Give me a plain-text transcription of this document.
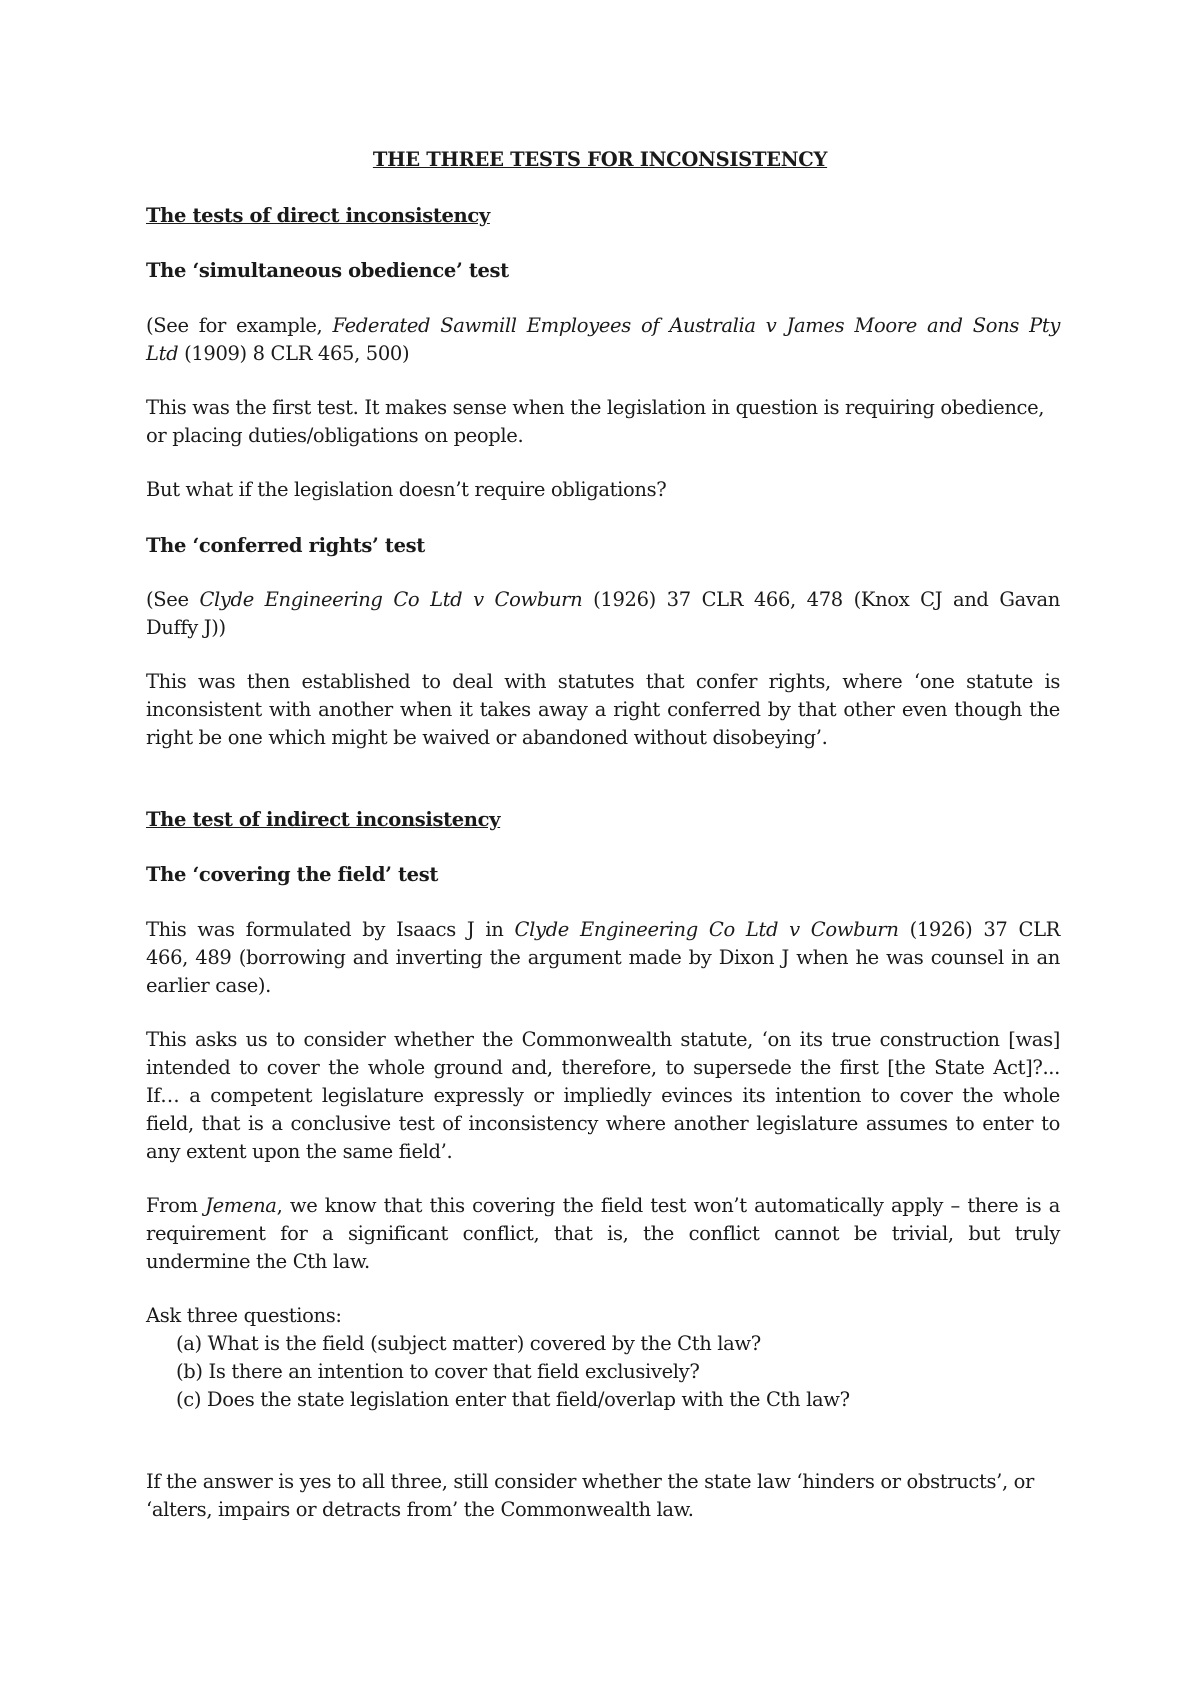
THE THREE TESTS FOR INCONSISTENCY

The tests of direct inconsistency

The ‘simultaneous obedience’ test

(See for example, Federated Sawmill Employees of Australia v James Moore and Sons Pty

Ltd (1909) 8 CLR 465, 500)

This was the first test. It makes sense when the legislation in question is requiring obedience,

or placing duties/obligations on people.

But what if the legislation doesn’t require obligations?

The ‘conferred rights’ test

(See Clyde Engineering Co Ltd v Cowburn (1926) 37 CLR 466, 478 (Knox CJ and Gavan

Duffy J))

This was then established to deal with statutes that confer rights, where ‘one statute is

inconsistent with another when it takes away a right conferred by that other even though the

right be one which might be waived or abandoned without disobeying’.

The test of indirect inconsistency

The ‘covering the field’ test

This was formulated by Isaacs J in Clyde Engineering Co Ltd v Cowburn (1926) 37 CLR

466, 489 (borrowing and inverting the argument made by Dixon J when he was counsel in an

earlier case).

This asks us to consider whether the Commonwealth statute, ‘on its true construction [was]

intended to cover the whole ground and, therefore, to supersede the first [the State Act]?...

If… a competent legislature expressly or impliedly evinces its intention to cover the whole

field, that is a conclusive test of inconsistency where another legislature assumes to enter to

any extent upon the same field’.

From Jemena, we know that this covering the field test won’t automatically apply – there is a

requirement for a significant conflict, that is, the conflict cannot be trivial, but truly

undermine the Cth law.

Ask three questions:

(a) What is the field (subject matter) covered by the Cth law?

(b) Is there an intention to cover that field exclusively?

(c) Does the state legislation enter that field/overlap with the Cth law?

If the answer is yes to all three, still consider whether the state law ‘hinders or obstructs’, or

‘alters, impairs or detracts from’ the Commonwealth law.
